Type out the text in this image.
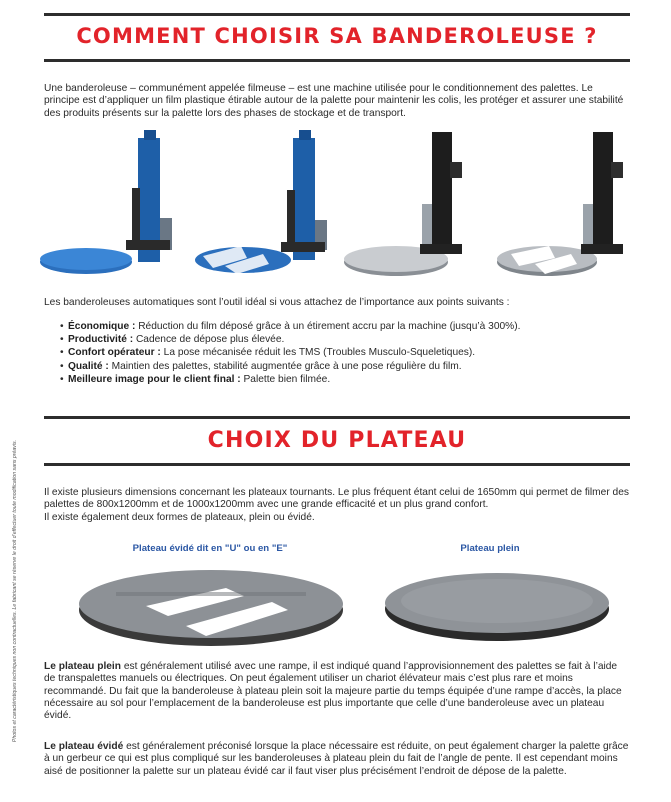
Photos et caractéristiques techniques non contractuelles. Le fabricant se réserve le droit d’effectuer toute modification sans préavis.
COMMENT CHOISIR SA BANDEROLEUSE ?
Une banderoleuse – communément appelée filmeuse – est une machine utilisée pour le conditionnement des palettes. Le principe est d’appliquer un film plastique étirable autour de la palette pour maintenir les colis, les protéger et assurer une stabilité des produits présents sur la palette lors des phases de stockage et de transport.
Les banderoleuses automatiques sont l’outil idéal si vous attachez de l’importance aux points suivants :
• Économique : Réduction du film déposé grâce à un étirement accru par la machine (jusqu’à 300%).
• Productivité : Cadence de dépose plus élevée.
• Confort opérateur : La pose mécanisée réduit les TMS (Troubles Musculo-Squeletiques).
• Qualité : Maintien des palettes, stabilité augmentée grâce à une pose régulière du film.
• Meilleure image pour le client final : Palette bien filmée.
CHOIX DU PLATEAU
Il existe plusieurs dimensions concernant les plateaux tournants. Le plus fréquent étant celui de 1650mm qui permet de filmer des palettes de 800x1200mm et de 1000x1200mm avec une grande efficacité et un plus grand confort.
Il existe également deux formes de plateaux, plein ou évidé.
Plateau évidé dit en "U" ou en "E"	Plateau plein
Le plateau plein est généralement utilisé avec une rampe, il est indiqué quand l’approvisionnement des palettes se fait à l’aide de transpalettes manuels ou électriques. On peut également utiliser un chariot élévateur mais c’est plus rare et moins recommandé. Du fait que la banderoleuse à plateau plein soit la majeure partie du temps équipée d’une rampe d’accès, la place nécessaire au sol pour l’emplacement de la banderoleuse est plus importante que celle d’une banderoleuse avec un plateau évidé.
Le plateau évidé est généralement préconisé lorsque la place nécessaire est réduite, on peut également charger la palette grâce à un gerbeur ce qui est plus compliqué sur les banderoleuses à plateau plein du fait de l’angle de pente. Il est cependant moins aisé de positionner la palette sur un plateau évidé car il faut viser plus précisément l’endroit de dépose de la palette.
